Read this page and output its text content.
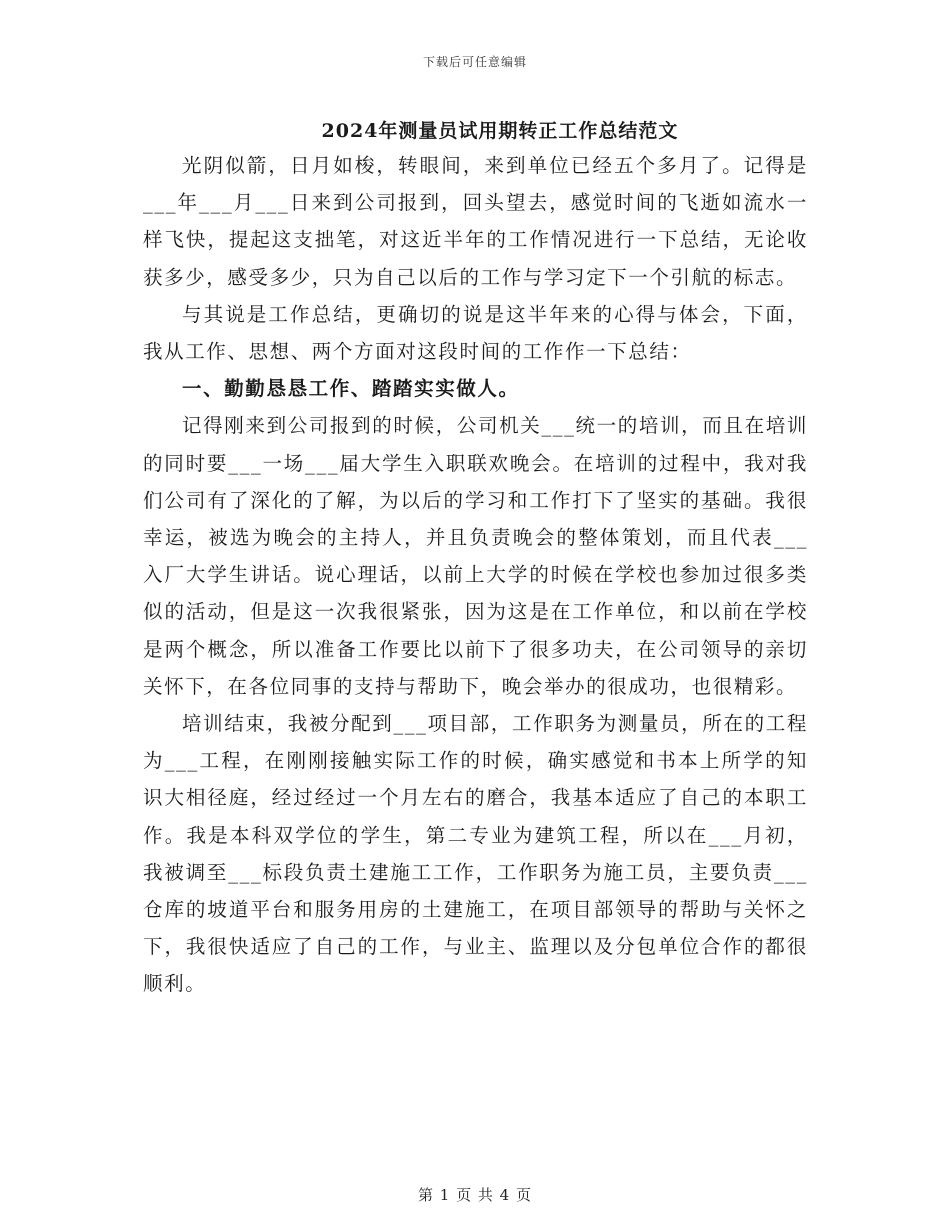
下载后可任意编辑
2024年测量员试用期转正工作总结范文

光阴似箭，日月如梭，转眼间，来到单位已经五个多月了。记得是___年___月___日来到公司报到，回头望去，感觉时间的飞逝如流水一样飞快，提起这支拙笔，对这近半年的工作情况进行一下总结，无论收获多少，感受多少，只为自己以后的工作与学习定下一个引航的标志。

与其说是工作总结，更确切的说是这半年来的心得与体会，下面，我从工作、思想、两个方面对这段时间的工作作一下总结：

一、勤勤恳恳工作、踏踏实实做人。

记得刚来到公司报到的时候，公司机关___统一的培训，而且在培训的同时要___一场___届大学生入职联欢晚会。在培训的过程中，我对我们公司有了深化的了解，为以后的学习和工作打下了坚实的基础。我很幸运，被选为晚会的主持人，并且负责晚会的整体策划，而且代表___入厂大学生讲话。说心理话，以前上大学的时候在学校也参加过很多类似的活动，但是这一次我很紧张，因为这是在工作单位，和以前在学校是两个概念，所以准备工作要比以前下了很多功夫，在公司领导的亲切关怀下，在各位同事的支持与帮助下，晚会举办的很成功，也很精彩。

培训结束，我被分配到___项目部，工作职务为测量员，所在的工程为___工程，在刚刚接触实际工作的时候，确实感觉和书本上所学的知识大相径庭，经过经过一个月左右的磨合，我基本适应了自己的本职工作。我是本科双学位的学生，第二专业为建筑工程，所以在___月初，我被调至___标段负责土建施工工作，工作职务为施工员，主要负责___仓库的坡道平台和服务用房的土建施工，在项目部领导的帮助与关怀之下，我很快适应了自己的工作，与业主、监理以及分包单位合作的都很顺利。

第 1 页 共 4 页
